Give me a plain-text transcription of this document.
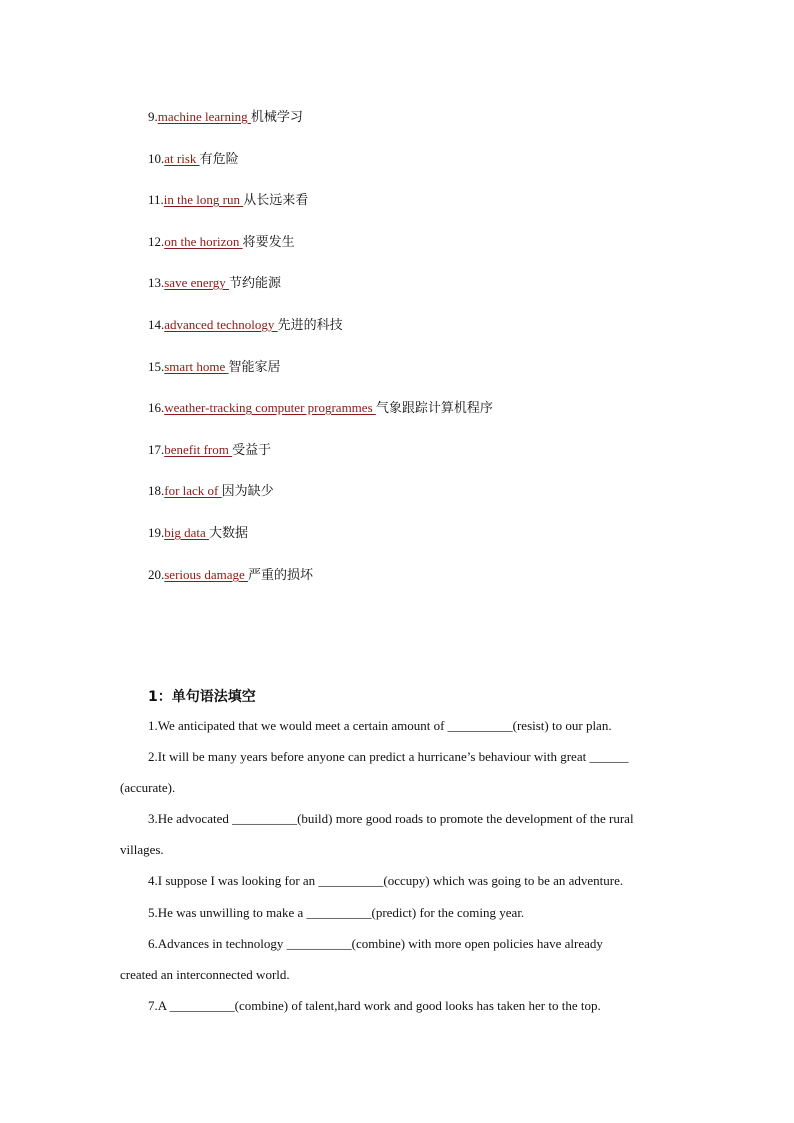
9.machine learning 机械学习
10.at risk 有危险
11.in the long run 从长远来看
12.on the horizon 将要发生
13.save energy 节约能源
14.advanced technology 先进的科技
15.smart home 智能家居
16.weather-tracking computer programmes 气象跟踪计算机程序
17.benefit from 受益于
18.for lack of 因为缺少
19.big data 大数据
20.serious damage 严重的损坏
1：单句语法填空
1.We anticipated that we would meet a certain amount of __________(resist) to our plan.
2.It will be many years before anyone can predict a hurricane’s behaviour with great ______
(accurate).
3.He advocated __________(build) more good roads to promote the development of the rural
villages.
4.I suppose I was looking for an __________(occupy) which was going to be an adventure.
5.He was unwilling to make a __________(predict) for the coming year.
6.Advances in technology __________(combine) with more open policies have already
created an interconnected world.
7.A __________(combine) of talent,hard work and good looks has taken her to the top.
